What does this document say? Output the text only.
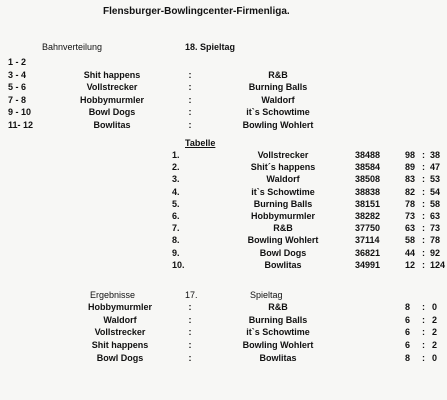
Flensburger-Bowlingcenter-Firmenliga.
Bahnverteilung	18. Spieltag
1 - 2
3 - 4	Shit happens	:	R&B
5 - 6	Vollstrecker	:	Burning Balls
7 - 8	Hobbymurmler	:	Waldorf
9 - 10	Bowl Dogs	:	it`s Schowtime
11- 12	Bowlitas	:	Bowling Wohlert
Tabelle
1.	Vollstrecker	38488	98 : 38
2.	Shit´s happens	38584	89 : 47
3.	Waldorf	38508	83 : 53
4.	it`s Schowtime	38838	82 : 54
5.	Burning Balls	38151	78 : 58
6.	Hobbymurmler	38282	73 : 63
7.	R&B	37750	63 : 73
8.	Bowling Wohlert	37114	58 : 78
9.	Bowl Dogs	36821	44 : 92
10.	Bowlitas	34991	12 : 124
Ergebnisse	17.	Spieltag
Hobbymurmler	:	R&B	8 : 0
Waldorf	:	Burning Balls	6 : 2
Vollstrecker	:	it`s Schowtime	6 : 2
Shit happens	:	Bowling Wohlert	6 : 2
Bowl Dogs	:	Bowlitas	8 : 0
